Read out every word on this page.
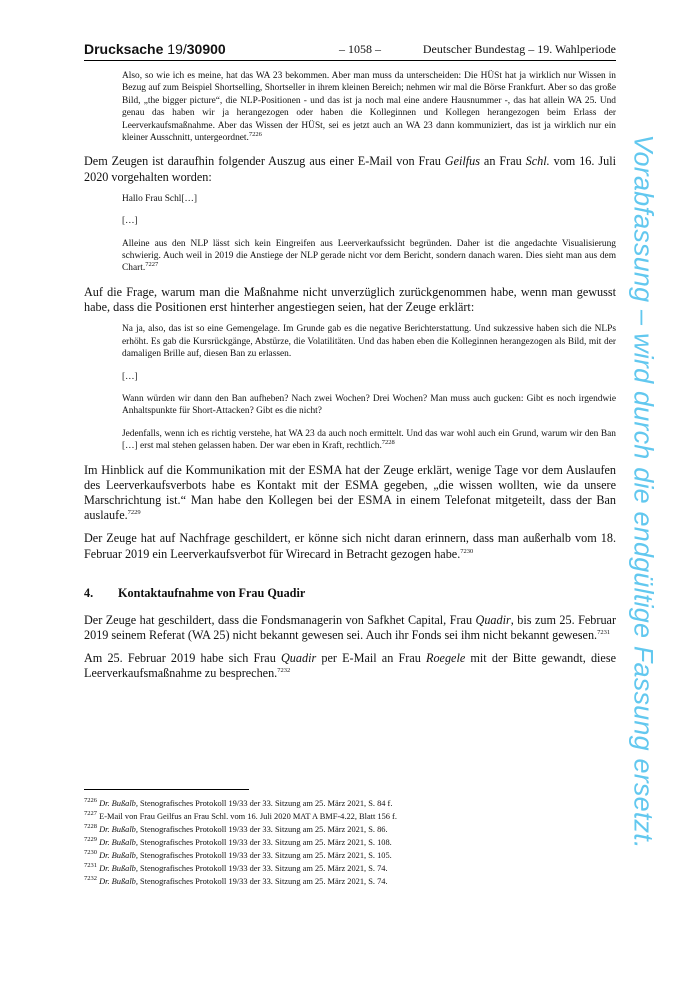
Drucksache 19/30900	– 1058 –	Deutscher Bundestag – 19. Wahlperiode

Also, so wie ich es meine, hat das WA 23 bekommen. Aber man muss da unterscheiden: Die HÜSt hat ja wirklich nur Wissen in Bezug auf zum Beispiel Shortselling, Shortseller in ihrem kleinen Bereich; nehmen wir mal die Börse Frankfurt. Aber so das große Bild, „the bigger picture“, die NLP-Positionen - und das ist ja noch mal eine andere Hausnummer -, das hat allein WA 25. Und genau das haben wir ja herangezogen oder haben die Kolleginnen und Kollegen herangezogen beim Erlass der Leerverkaufsmaßnahme. Aber das Wissen der HÜSt, sei es jetzt auch an WA 23 dann kommuniziert, das ist ja wirklich nur ein kleiner Ausschnitt, untergeordnet.$^{7226}$

Dem Zeugen ist daraufhin folgender Auszug aus einer E-Mail von Frau Geilfus an Frau Schl. vom 16. Juli 2020 vorgehalten worden:

Hallo Frau Schl[…]

[…]

Alleine aus den NLP lässt sich kein Eingreifen aus Leerverkaufssicht begründen. Daher ist die angedachte Visualisierung schwierig. Auch weil in 2019 die Anstiege der NLP gerade nicht vor dem Bericht, sondern danach waren. Dies sieht man aus dem Chart.$^{7227}$

Auf die Frage, warum man die Maßnahme nicht unverzüglich zurückgenommen habe, wenn man gewusst habe, dass die Positionen erst hinterher angestiegen seien, hat der Zeuge erklärt:

Na ja, also, das ist so eine Gemengelage. Im Grunde gab es die negative Berichterstattung. Und sukzessive haben sich die NLPs erhöht. Es gab die Kursrückgänge, Abstürze, die Volatilitäten. Und das haben eben die Kolleginnen herangezogen als Bild, mit der damaligen Brille auf, diesen Ban zu erlassen.

[…]

Wann würden wir dann den Ban aufheben? Nach zwei Wochen? Drei Wochen? Man muss auch gucken: Gibt es noch irgendwie Anhaltspunkte für Short-Attacken? Gibt es die nicht?

Jedenfalls, wenn ich es richtig verstehe, hat WA 23 da auch noch ermittelt. Und das war wohl auch ein Grund, warum wir den Ban […] erst mal stehen gelassen haben. Der war eben in Kraft, rechtlich.$^{7228}$

Im Hinblick auf die Kommunikation mit der ESMA hat der Zeuge erklärt, wenige Tage vor dem Auslaufen des Leerverkaufsverbots habe es Kontakt mit der ESMA gegeben, „die wissen wollten, wie da unsere Marschrichtung ist.“ Man habe den Kollegen bei der ESMA in einem Telefonat mitgeteilt, dass der Ban auslaufe.$^{7229}$

Der Zeuge hat auf Nachfrage geschildert, er könne sich nicht daran erinnern, dass man außerhalb vom 18. Februar 2019 ein Leerverkaufsverbot für Wirecard in Betracht gezogen habe.$^{7230}$

4. Kontaktaufnahme von Frau Quadir

Der Zeuge hat geschildert, dass die Fondsmanagerin von Safkhet Capital, Frau Quadir, bis zum 25. Februar 2019 seinem Referat (WA 25) nicht bekannt gewesen sei. Auch ihr Fonds sei ihm nicht bekannt gewesen.$^{7231}$

Am 25. Februar 2019 habe sich Frau Quadir per E-Mail an Frau Roegele mit der Bitte gewandt, diese Leerverkaufsmaßnahme zu besprechen.$^{7232}$

$^{7226}$ Dr. Bußalb, Stenografisches Protokoll 19/33 der 33. Sitzung am 25. März 2021, S. 84 f.

$^{7227}$ E-Mail von Frau Geilfus an Frau Schl. vom 16. Juli 2020 MAT A BMF-4.22, Blatt 156 f.

$^{7228}$ Dr. Bußalb, Stenografisches Protokoll 19/33 der 33. Sitzung am 25. März 2021, S. 86.

$^{7229}$ Dr. Bußalb, Stenografisches Protokoll 19/33 der 33. Sitzung am 25. März 2021, S. 108.

$^{7230}$ Dr. Bußalb, Stenografisches Protokoll 19/33 der 33. Sitzung am 25. März 2021, S. 105.

$^{7231}$ Dr. Bußalb, Stenografisches Protokoll 19/33 der 33. Sitzung am 25. März 2021, S. 74.

$^{7232}$ Dr. Bußalb, Stenografisches Protokoll 19/33 der 33. Sitzung am 25. März 2021, S. 74.

Vorabfassung – wird durch die endgültige Fassung ersetzt.
